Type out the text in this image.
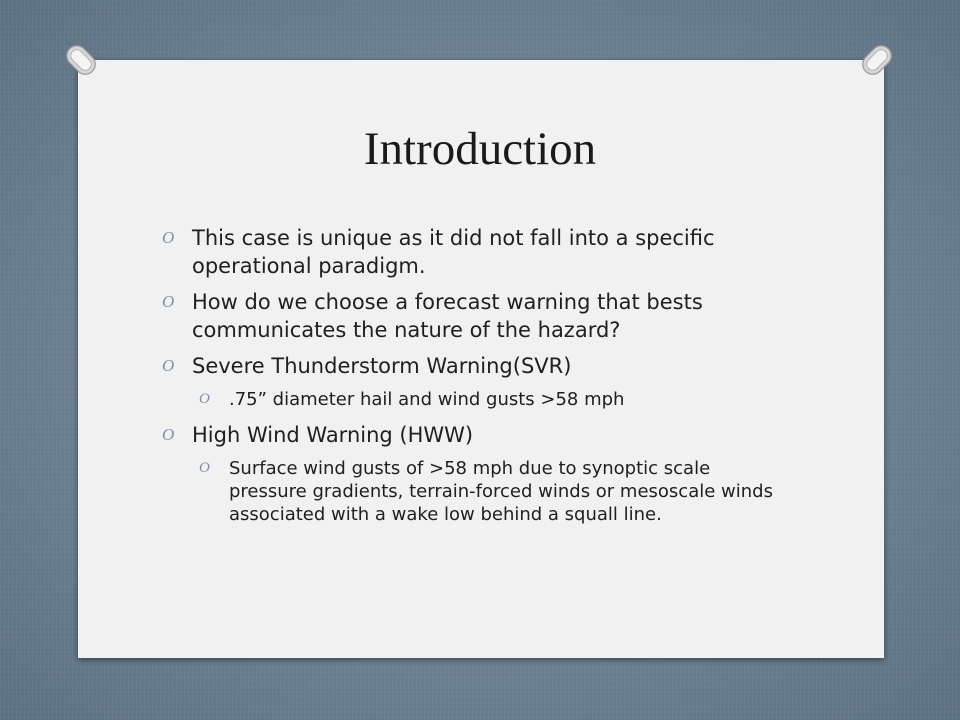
Introduction
O This case is unique as it did not fall into a specific operational paradigm.
O How do we choose a forecast warning that bests communicates the nature of the hazard?
O Severe Thunderstorm Warning(SVR)
O .75” diameter hail and wind gusts >58 mph
O High Wind Warning (HWW)
O Surface wind gusts of >58 mph due to synoptic scale pressure gradients, terrain-forced winds or mesoscale winds associated with a wake low behind a squall line.
